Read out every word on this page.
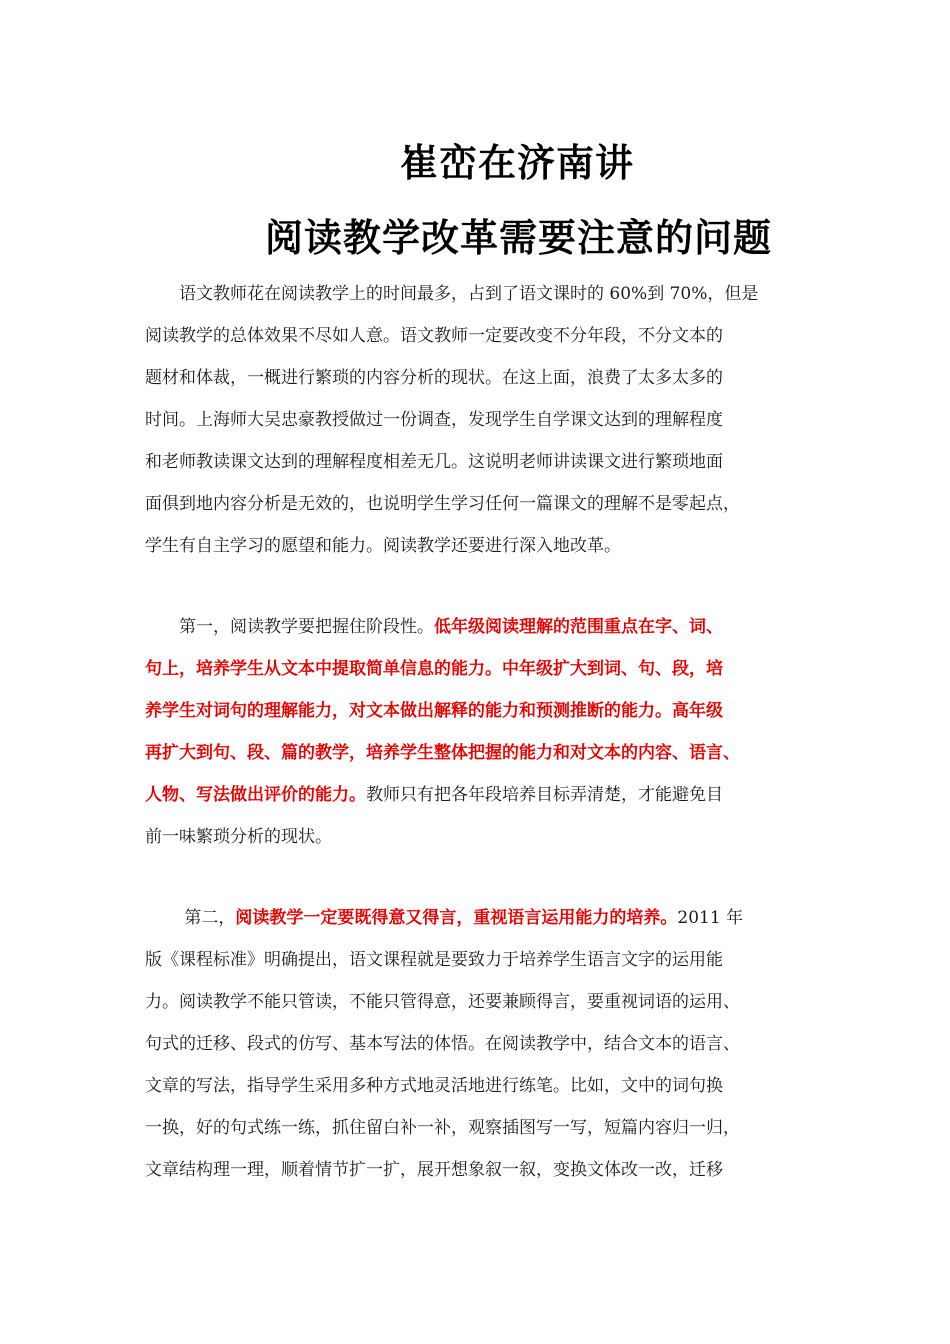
崔峦在济南讲
阅读教学改革需要注意的问题
　　语文教师花在阅读教学上的时间最多，占到了语文课时的 60%到 70%，但是
阅读教学的总体效果不尽如人意。语文教师一定要改变不分年段，不分文本的
题材和体裁，一概进行繁琐的内容分析的现状。在这上面，浪费了太多太多的
时间。上海师大吴忠豪教授做过一份调查，发现学生自学课文达到的理解程度
和老师教读课文达到的理解程度相差无几。这说明老师讲读课文进行繁琐地面
面俱到地内容分析是无效的，也说明学生学习任何一篇课文的理解不是零起点，
学生有自主学习的愿望和能力。阅读教学还要进行深入地改革。
　　第一，阅读教学要把握住阶段性。低年级阅读理解的范围重点在字、词、
句上，培养学生从文本中提取简单信息的能力。中年级扩大到词、句、段，培
养学生对词句的理解能力，对文本做出解释的能力和预测推断的能力。高年级
再扩大到句、段、篇的教学，培养学生整体把握的能力和对文本的内容、语言、
人物、写法做出评价的能力。教师只有把各年段培养目标弄清楚，才能避免目
前一味繁琐分析的现状。
　　 第二，阅读教学一定要既得意又得言，重视语言运用能力的培养。2011 年
版《课程标准》明确提出，语文课程就是要致力于培养学生语言文字的运用能
力。阅读教学不能只管读，不能只管得意，还要兼顾得言，要重视词语的运用、
句式的迁移、段式的仿写、基本写法的体悟。在阅读教学中，结合文本的语言、
文章的写法，指导学生采用多种方式地灵活地进行练笔。比如，文中的词句换
一换，好的句式练一练，抓住留白补一补，观察插图写一写，短篇内容归一归，
文章结构理一理，顺着情节扩一扩，展开想象叙一叙，变换文体改一改，迁移
